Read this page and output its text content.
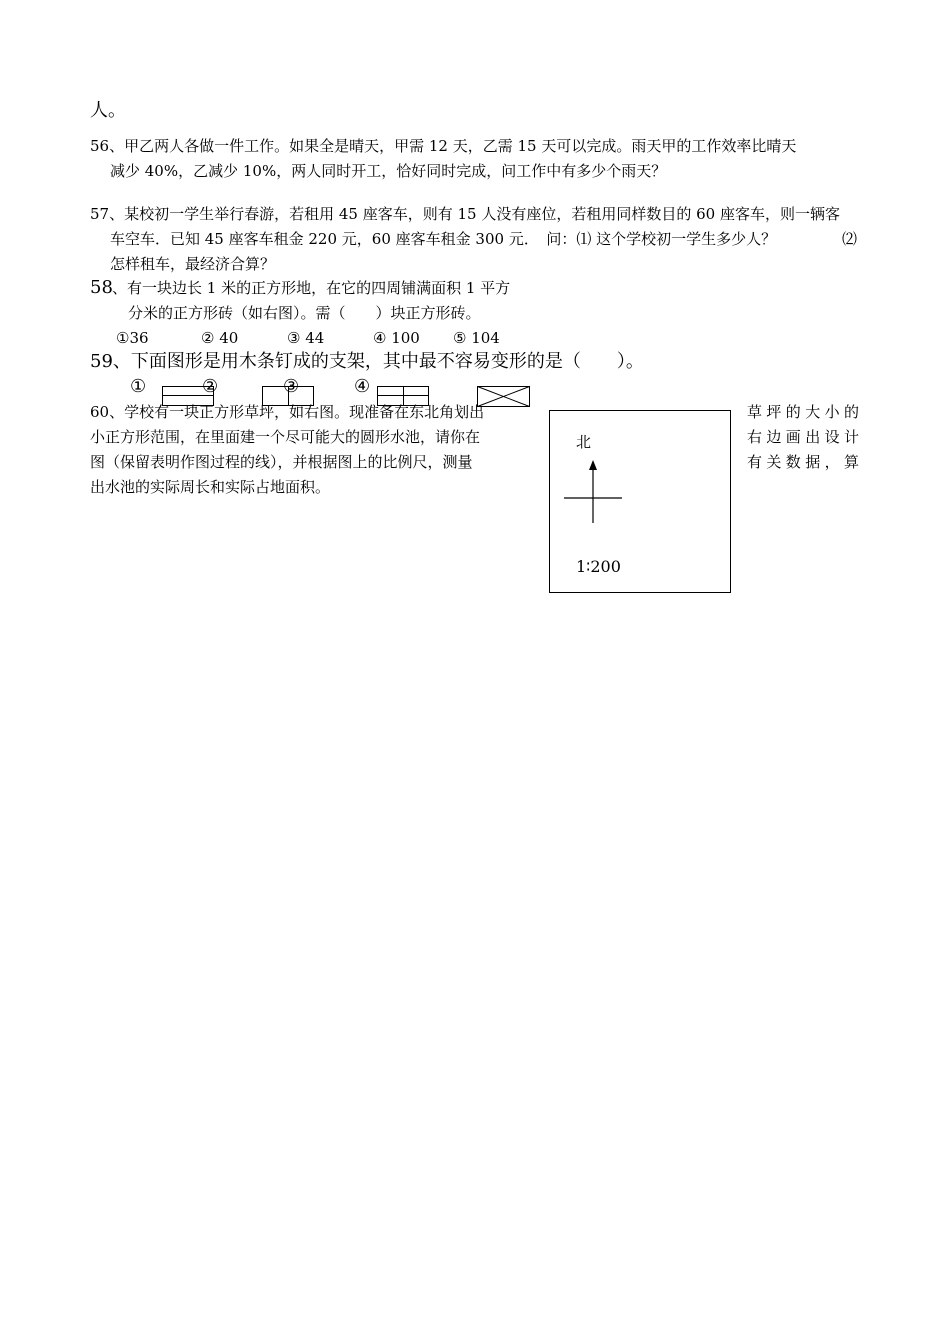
人。
56、甲乙两人各做一件工作。如果全是晴天，甲需 12 天，乙需 15 天可以完成。雨天甲的工作效率比晴天
减少 40%，乙减少 10%，两人同时开工，恰好同时完成，问工作中有多少个雨天？
57、某校初一学生举行春游，若租用 45 座客车，则有 15 人没有座位，若租用同样数目的 60 座客车，则一辆客
车空车．已知 45 座客车租金 220 元，60 座客车租金 300 元．　问：⑴ 这个学校初一学生多少人？	⑵
怎样租车，最经济合算？
58 、有一块边长 1 米的正方形地，在它的四周铺满面积 1 平方
分米的正方形砖（如右图）。需（　　）块正方形砖。
①36	② 40	③ 44	④ 100 ⑤ 104
59、下面图形是用木条钉成的支架，其中最不容易变形的是（　　）。
①	②	③	④
60、学校有一块正方形草坪，如右图。现准备在东北角划出
小正方形范围，在里面建一个尽可能大的圆形水池，请你在
图（保留表明作图过程的线），并根据图上的比例尺，测量
出水池的实际周长和实际占地面积。
草坪的大小的
右边画出设计
有关数据，算
北
1∶200
